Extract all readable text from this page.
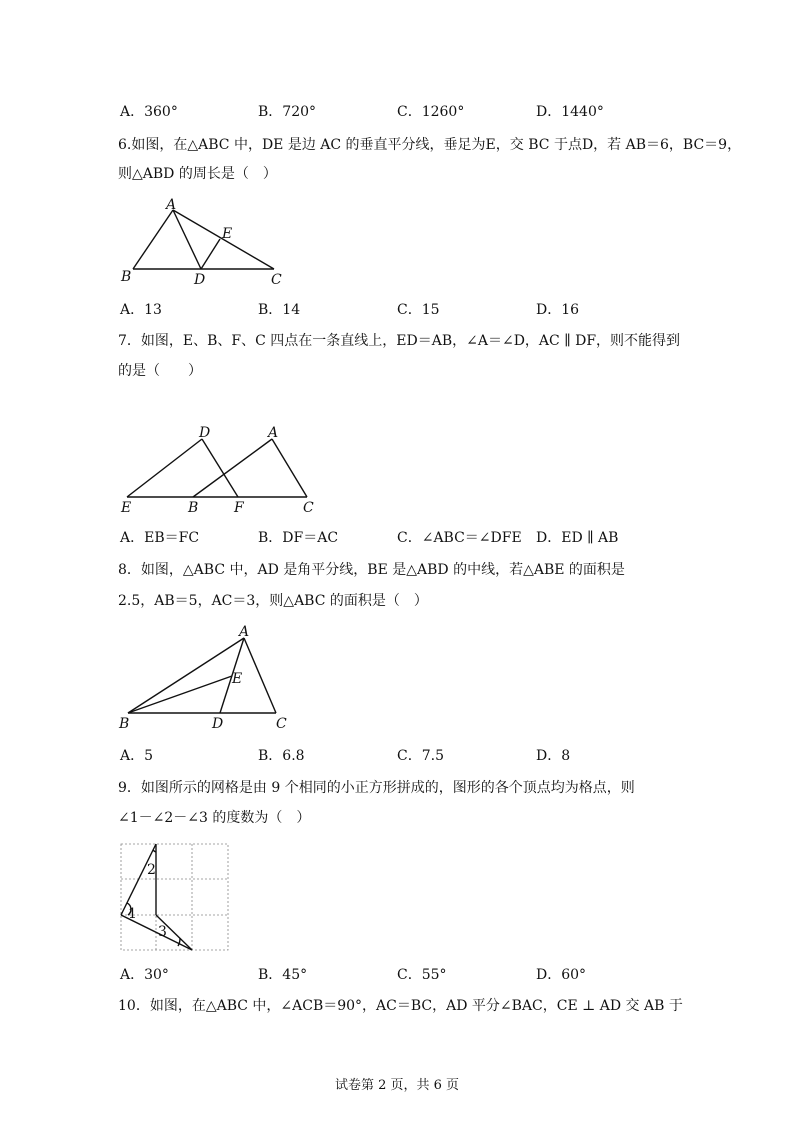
A．360°	B．720°	C．1260°	D．1440°
6.如图，在△ABC 中，DE 是边 AC 的垂直平分线，垂足为E，交 BC 于点D，若 AB＝6，BC＝9，
则△ABD 的周长是（　）
A
B	C
D
E
A．13	B．14	C．15	D．16
7．如图，E、B、F、C 四点在一条直线上，ED＝AB，∠A＝∠D，AC ∥ DF，则不能得到
的是（　　）
D	A
E	B	F	C
A．EB＝FC	B．DF＝AC	C．∠ABC＝∠DFE D．ED ∥ AB
8．如图，△ABC 中，AD 是角平分线，BE 是△ABD 的中线，若△ABE 的面积是
2.5，AB＝5，AC＝3，则△ABC 的面积是（　）
A
E
B	D	C
A．5	B．6.8	C．7.5	D．8
9．如图所示的网格是由 9 个相同的小正方形拼成的，图形的各个顶点均为格点，则
∠1－∠2－∠3 的度数为（　）
1
2
3
A．30°	B．45°	C．55°	D．60°
10．如图，在△ABC 中，∠ACB＝90°，AC＝BC，AD 平分∠BAC，CE ⊥ AD 交 AB 于
试卷第 2 页，共 6 页
